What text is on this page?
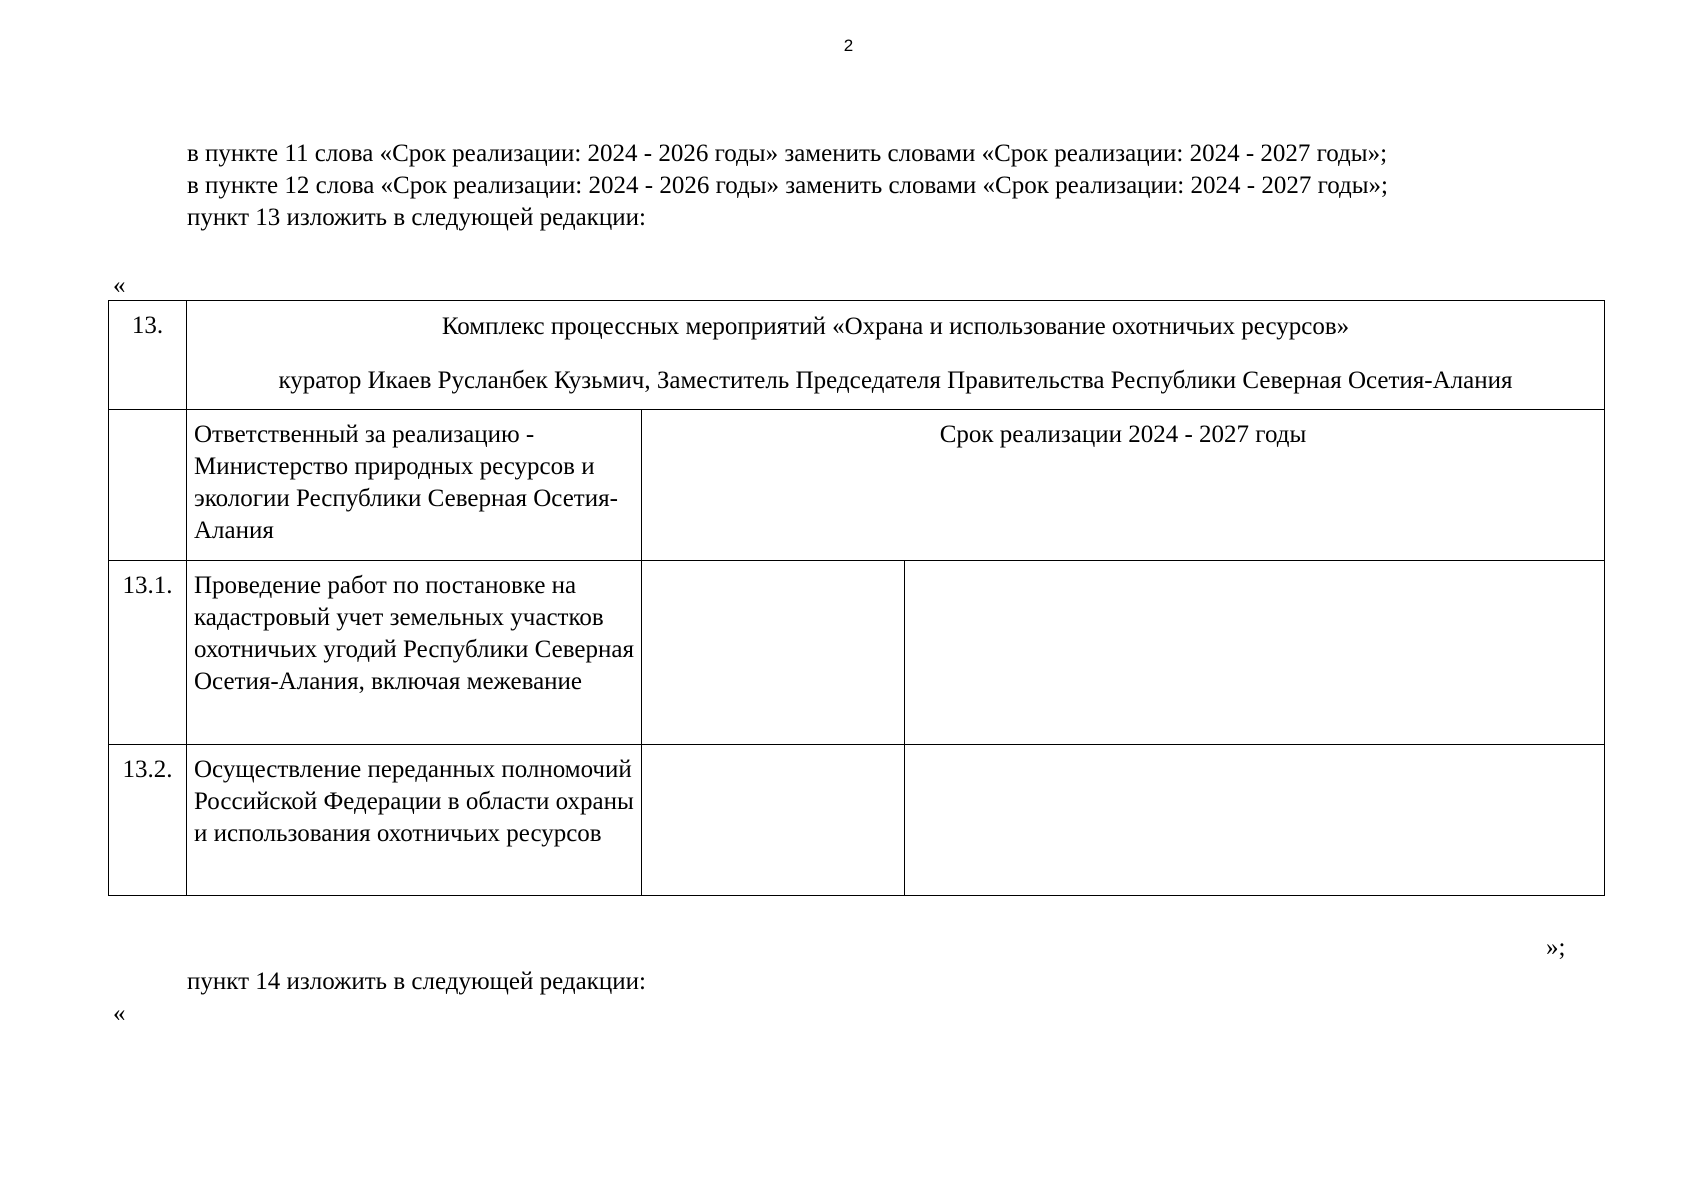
2
в пункте 11 слова «Срок реализации: 2024 - 2026 годы» заменить словами «Срок реализации: 2024 - 2027 годы»;
в пункте 12 слова «Срок реализации: 2024 - 2026 годы» заменить словами «Срок реализации: 2024 - 2027 годы»;
пункт 13 изложить в следующей редакции:
«
13.	Комплекс процессных мероприятий «Охрана и использование охотничьих ресурсов»
куратор Икаев Русланбек Кузьмич, Заместитель Председателя Правительства Республики Северная Осетия-Алания		

	Ответственный за реализацию - Министерство природных ресурсов и экологии Республики Северная Осетия-Алания	Срок реализации 2024 - 2027 годы	
13.1.	Проведение работ по постановке на кадастровый учет земельных участков охотничьих угодий Республики Северная Осетия-Алания, включая межевание		
13.2.	Осуществление переданных полномочий Российской Федерации в области охраны и использования охотничьих ресурсов		
»;
пункт 14 изложить в следующей редакции:
«
